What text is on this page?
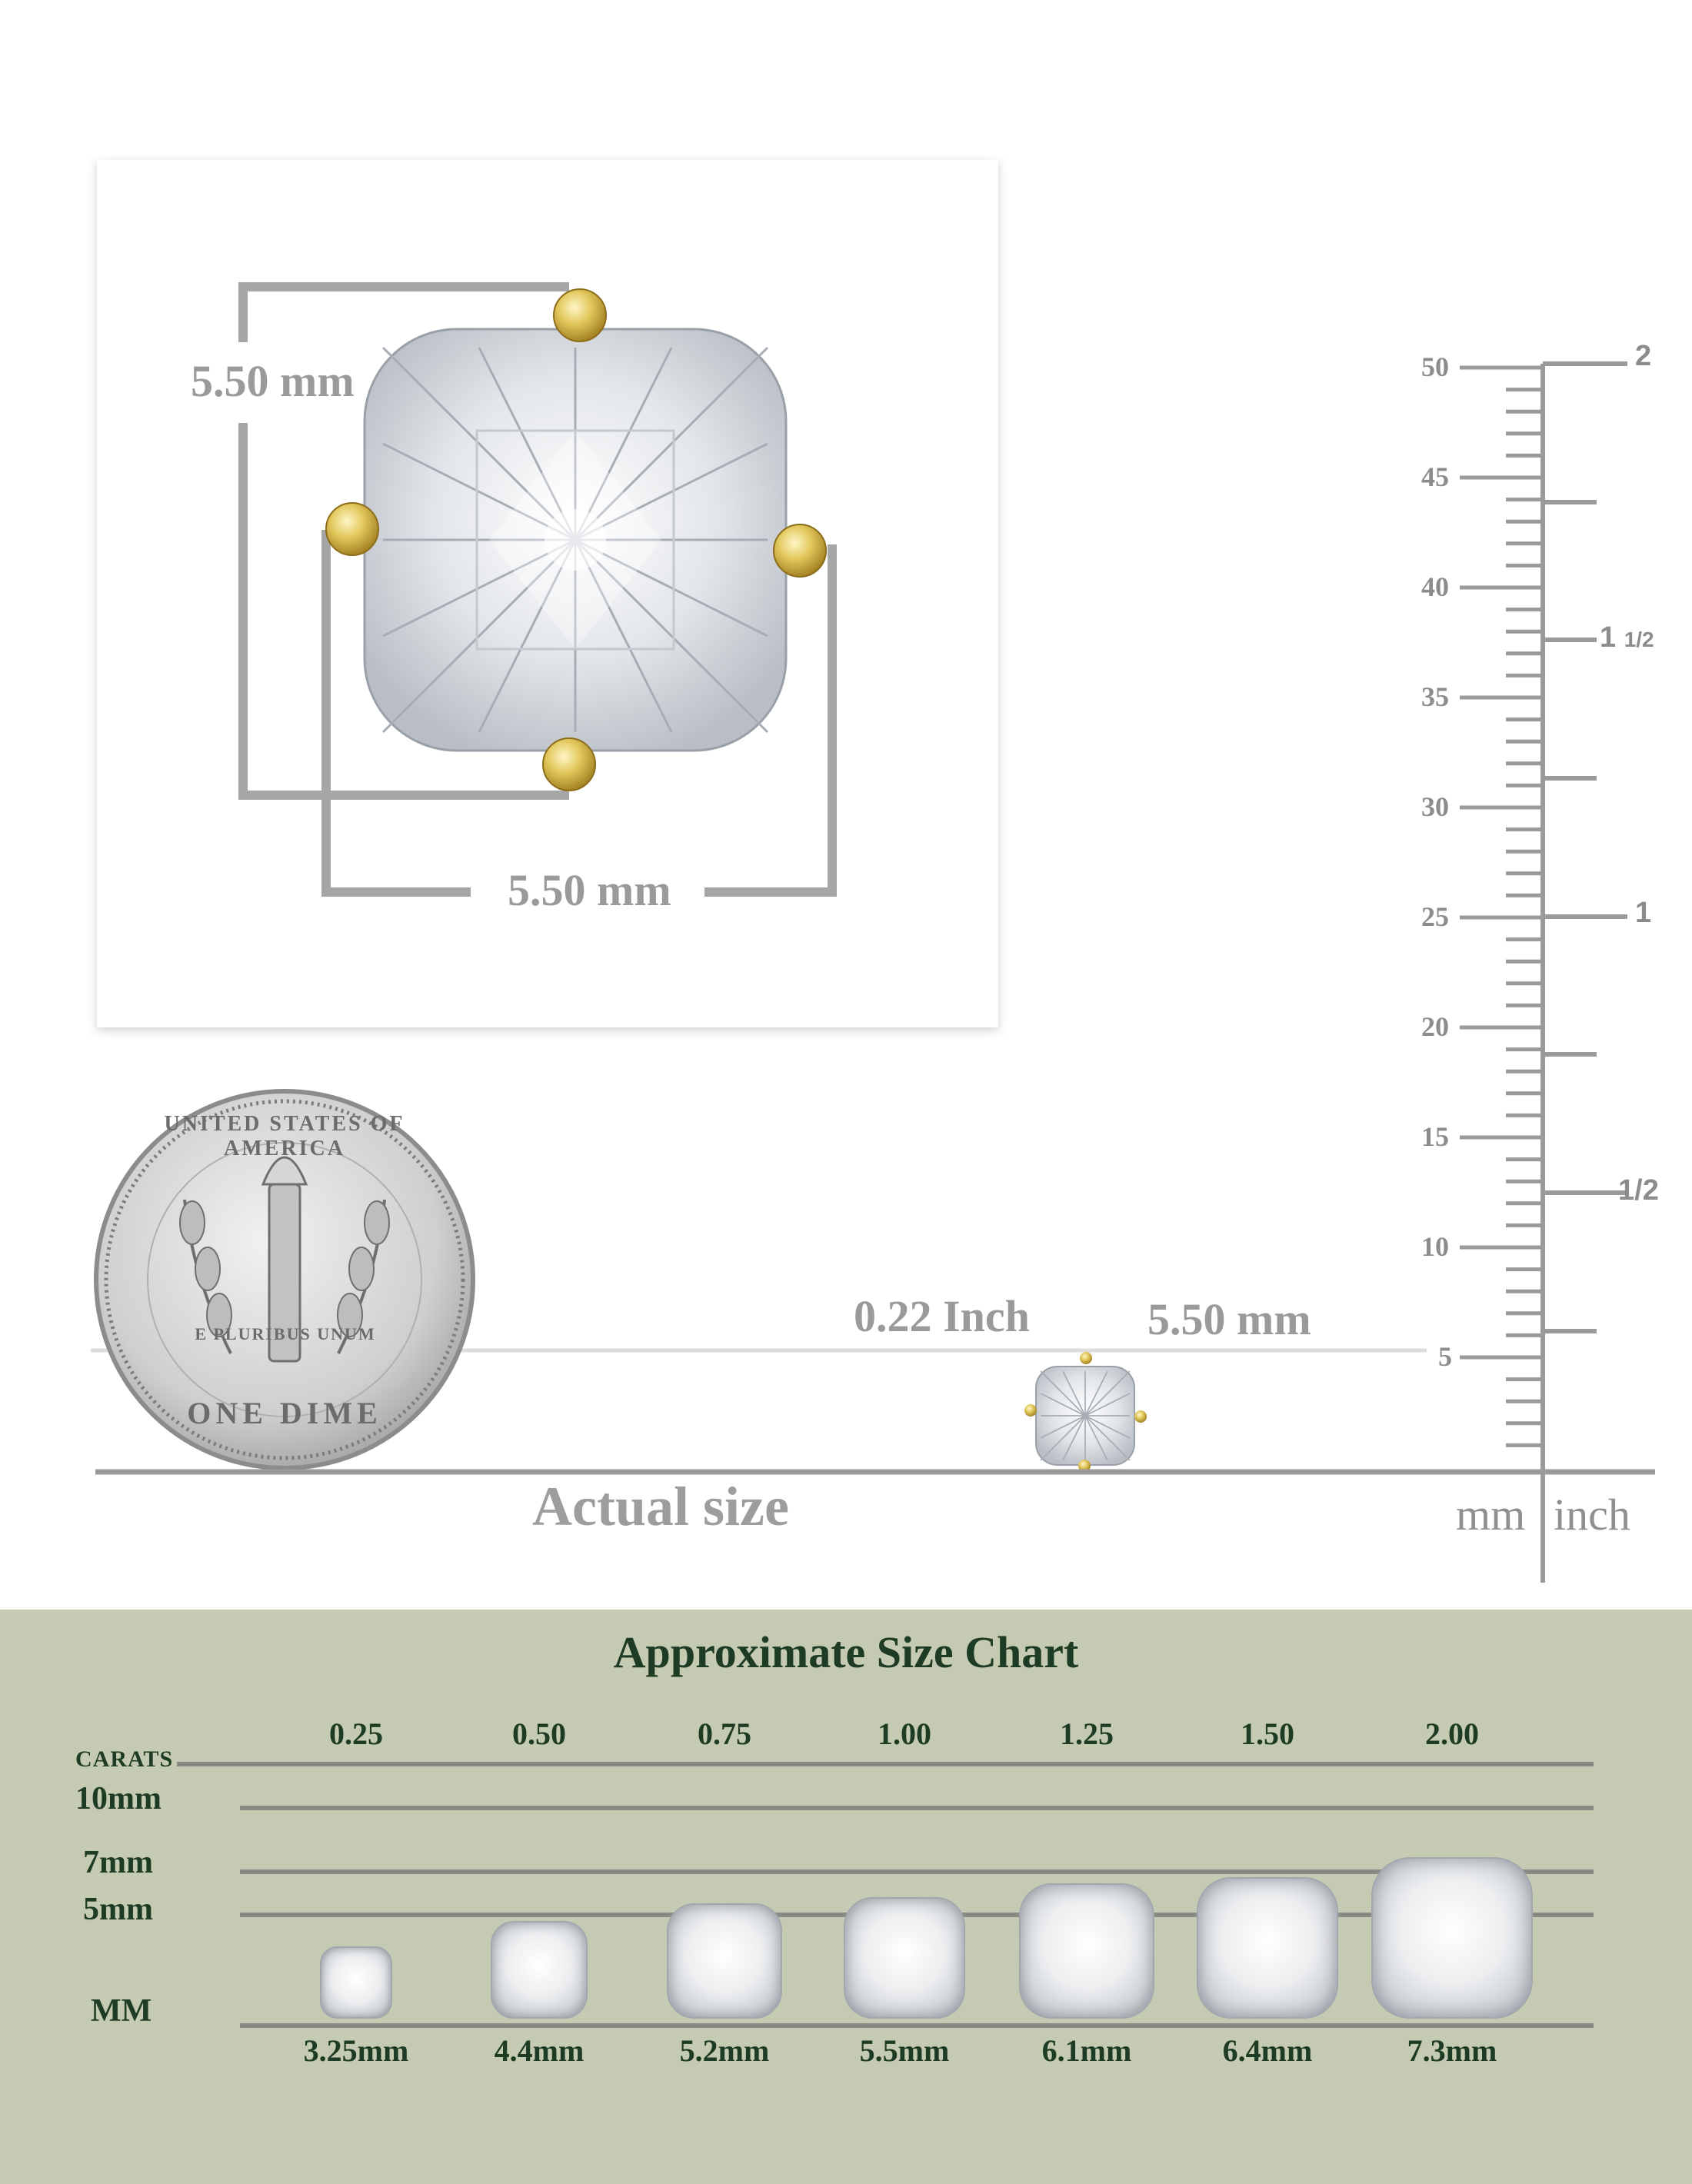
5.50 mm
5.50 mm
0.22 Inch	5.50 mm
Actual size
E PLURIBUS UNUM
UNITED STATES OF AMERICA
ONE DIME
50
45
40
35
30
25
20
15
10
5
2
1 1/2
1
1/2
mm inch
Approximate Size Chart
CARATS
10mm
7mm
5mm
MM
0.25
3.25mm
0.50
4.4mm
0.75
5.2mm
1.00
5.5mm
1.25
6.1mm
1.50
6.4mm
2.00
7.3mm
